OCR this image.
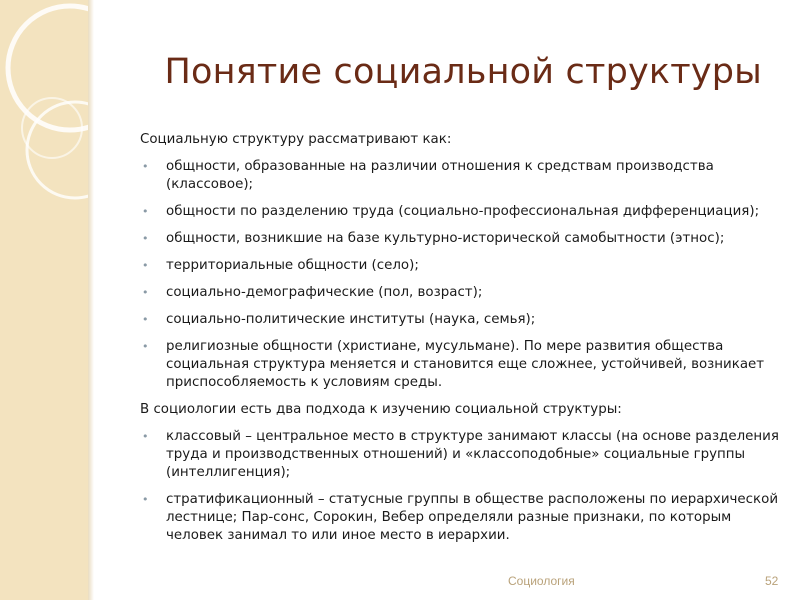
Понятие социальной структуры
Социальную структуру рассматривают как:
• общности, образованные на различии отношения к средствам производства (классовое);
• общности по разделению труда (социально-профессиональная дифференциация);
• общности, возникшие на базе культурно-исторической самобытности (этнос);
• территориальные общности (село);
• социально-демографические (пол, возраст);
• социально-политические институты (наука, семья);
• религиозные общности (христиане, мусульмане). По мере развития общества социальная структура меняется и становится еще сложнее, устойчивей, возникает приспособляемость к условиям среды.
В социологии есть два подхода к изучению социальной структуры:
• классовый – центральное место в структуре занимают классы (на основе разделения труда и производственных отношений) и «классоподобные» социальные группы (интеллигенция);
• стратификационный – статусные группы в обществе расположены по иерархической лестнице; Пар-сонс, Сорокин, Вебер определяли разные признаки, по которым человек занимал то или иное место в иерархии.
Социология	52
